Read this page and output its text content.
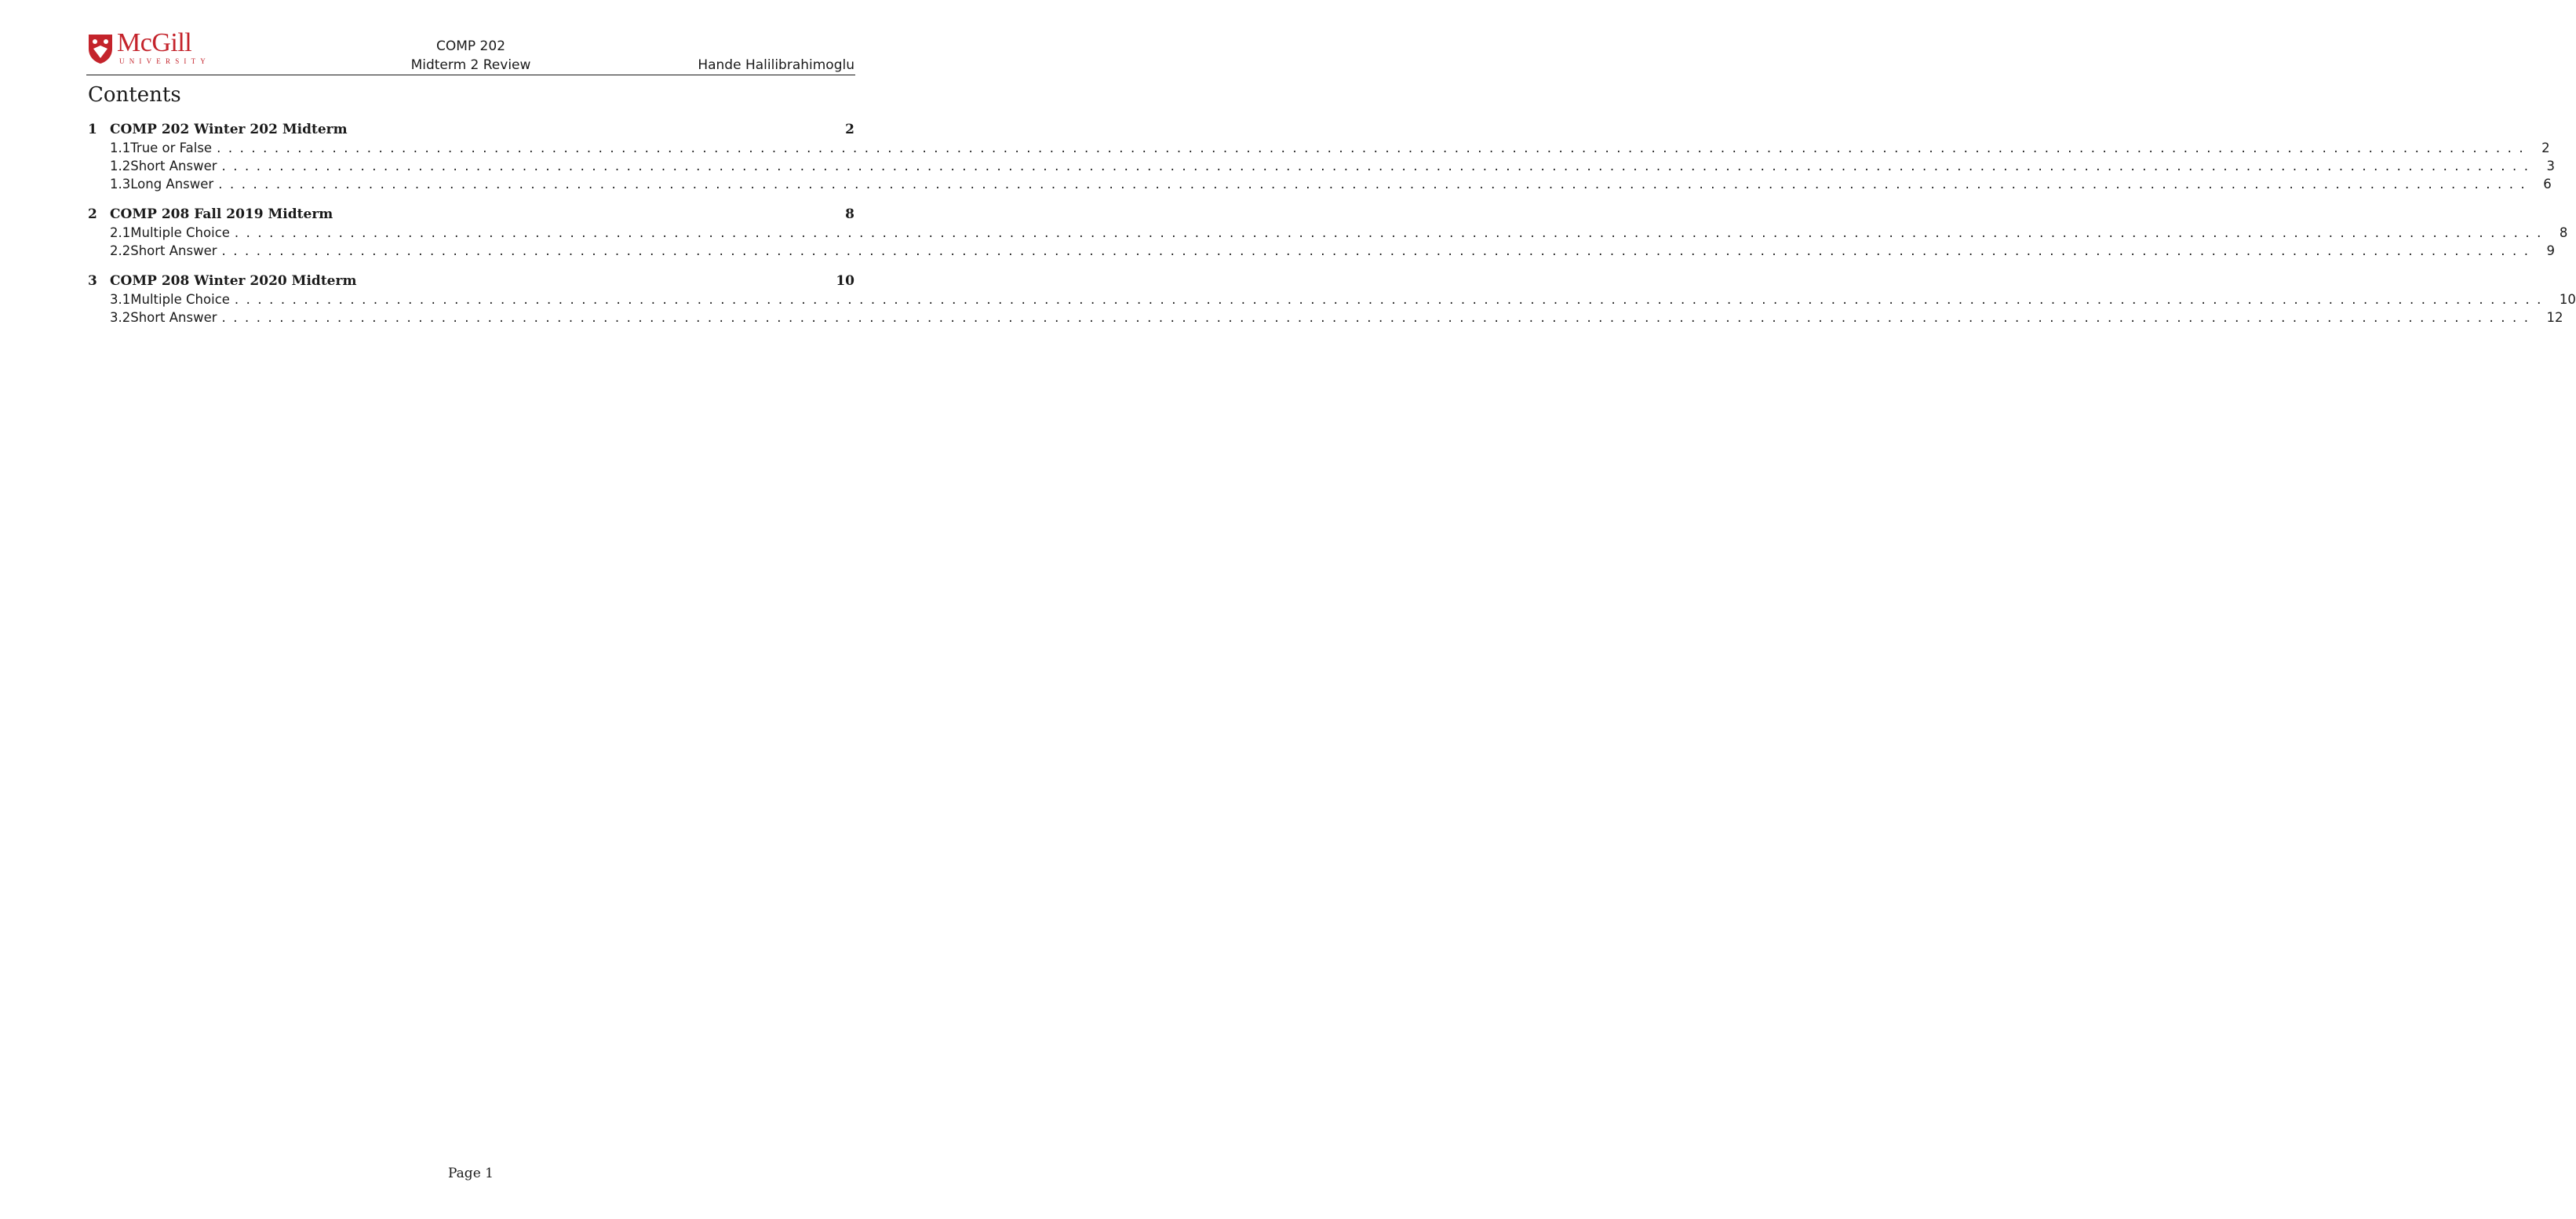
McGill
UNIVERSITY
COMP 202
Midterm 2 Review	Hande Halilibrahimoglu
Contents
1 COMP 202 Winter 202 Midterm	2
1.1 True or False ........................................................................................................................................................................................................ 2
1.2 Short Answer ........................................................................................................................................................................................................ 3
1.3 Long Answer ........................................................................................................................................................................................................ 6
2 COMP 208 Fall 2019 Midterm	8
2.1 Multiple Choice ........................................................................................................................................................................................................ 8
2.2 Short Answer ........................................................................................................................................................................................................ 9
3 COMP 208 Winter 2020 Midterm	10
3.1 Multiple Choice ........................................................................................................................................................................................................ 10
3.2 Short Answer ........................................................................................................................................................................................................ 12
Page 1
